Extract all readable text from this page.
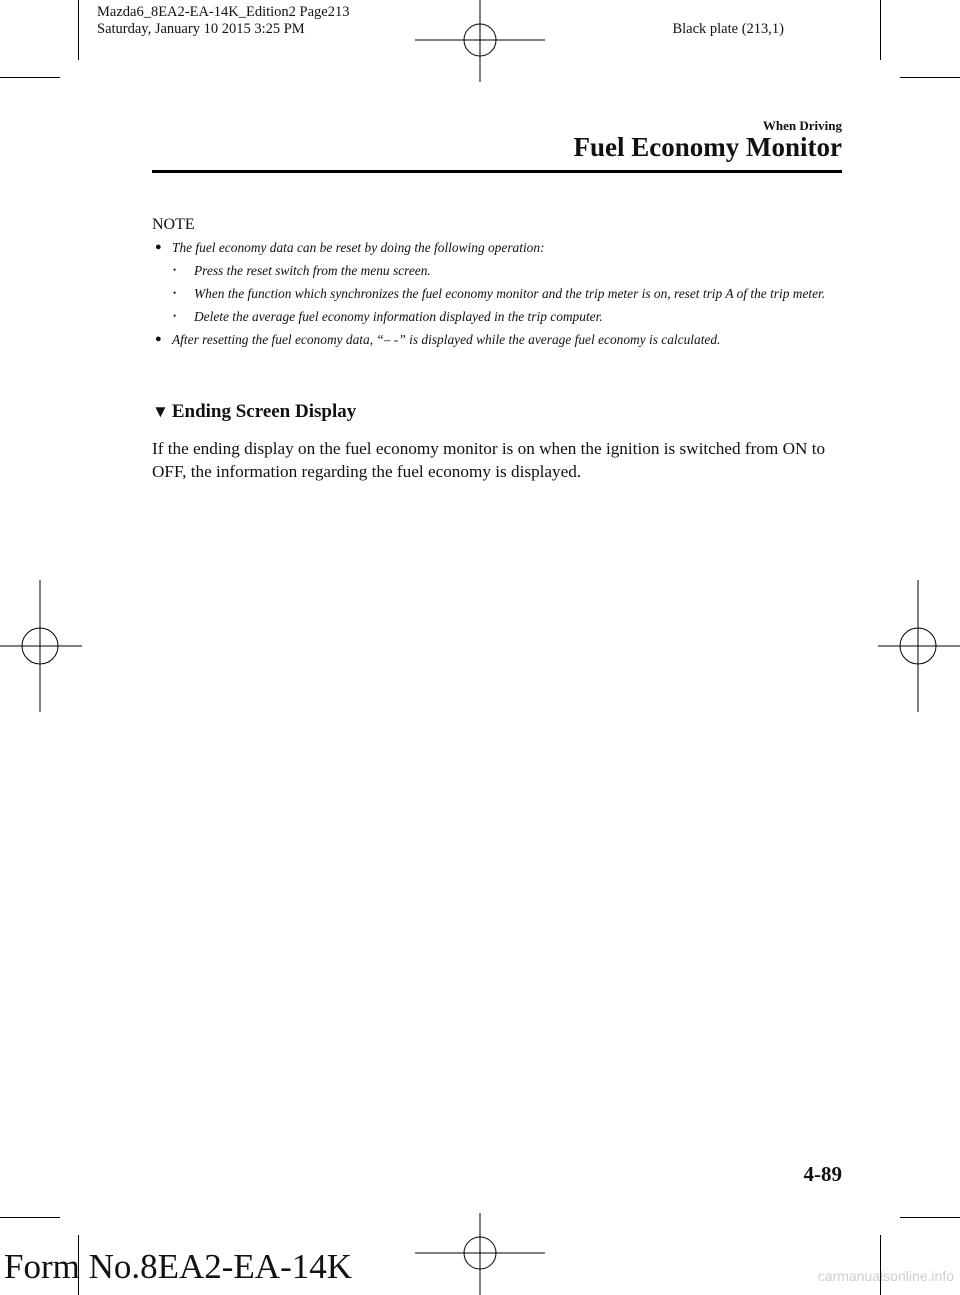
Mazda6_8EA2-EA-14K_Edition2 Page213
Saturday, January 10 2015 3:25 PM	Black plate (213,1)
When Driving
Fuel Economy Monitor
NOTE
● The fuel economy data can be reset by doing the following operation:
• Press the reset switch from the menu screen.
• When the function which synchronizes the fuel economy monitor and the trip meter is on, reset trip A of the trip meter.
• Delete the average fuel economy information displayed in the trip computer.
● After resetting the fuel economy data, “– -” is displayed while the average fuel economy is calculated.
▼ Ending Screen Display
If the ending display on the fuel economy monitor is on when the ignition is switched from ON to OFF, the information regarding the fuel economy is displayed.
4-89
Form No.8EA2-EA-14K	carmanualsonline.info
